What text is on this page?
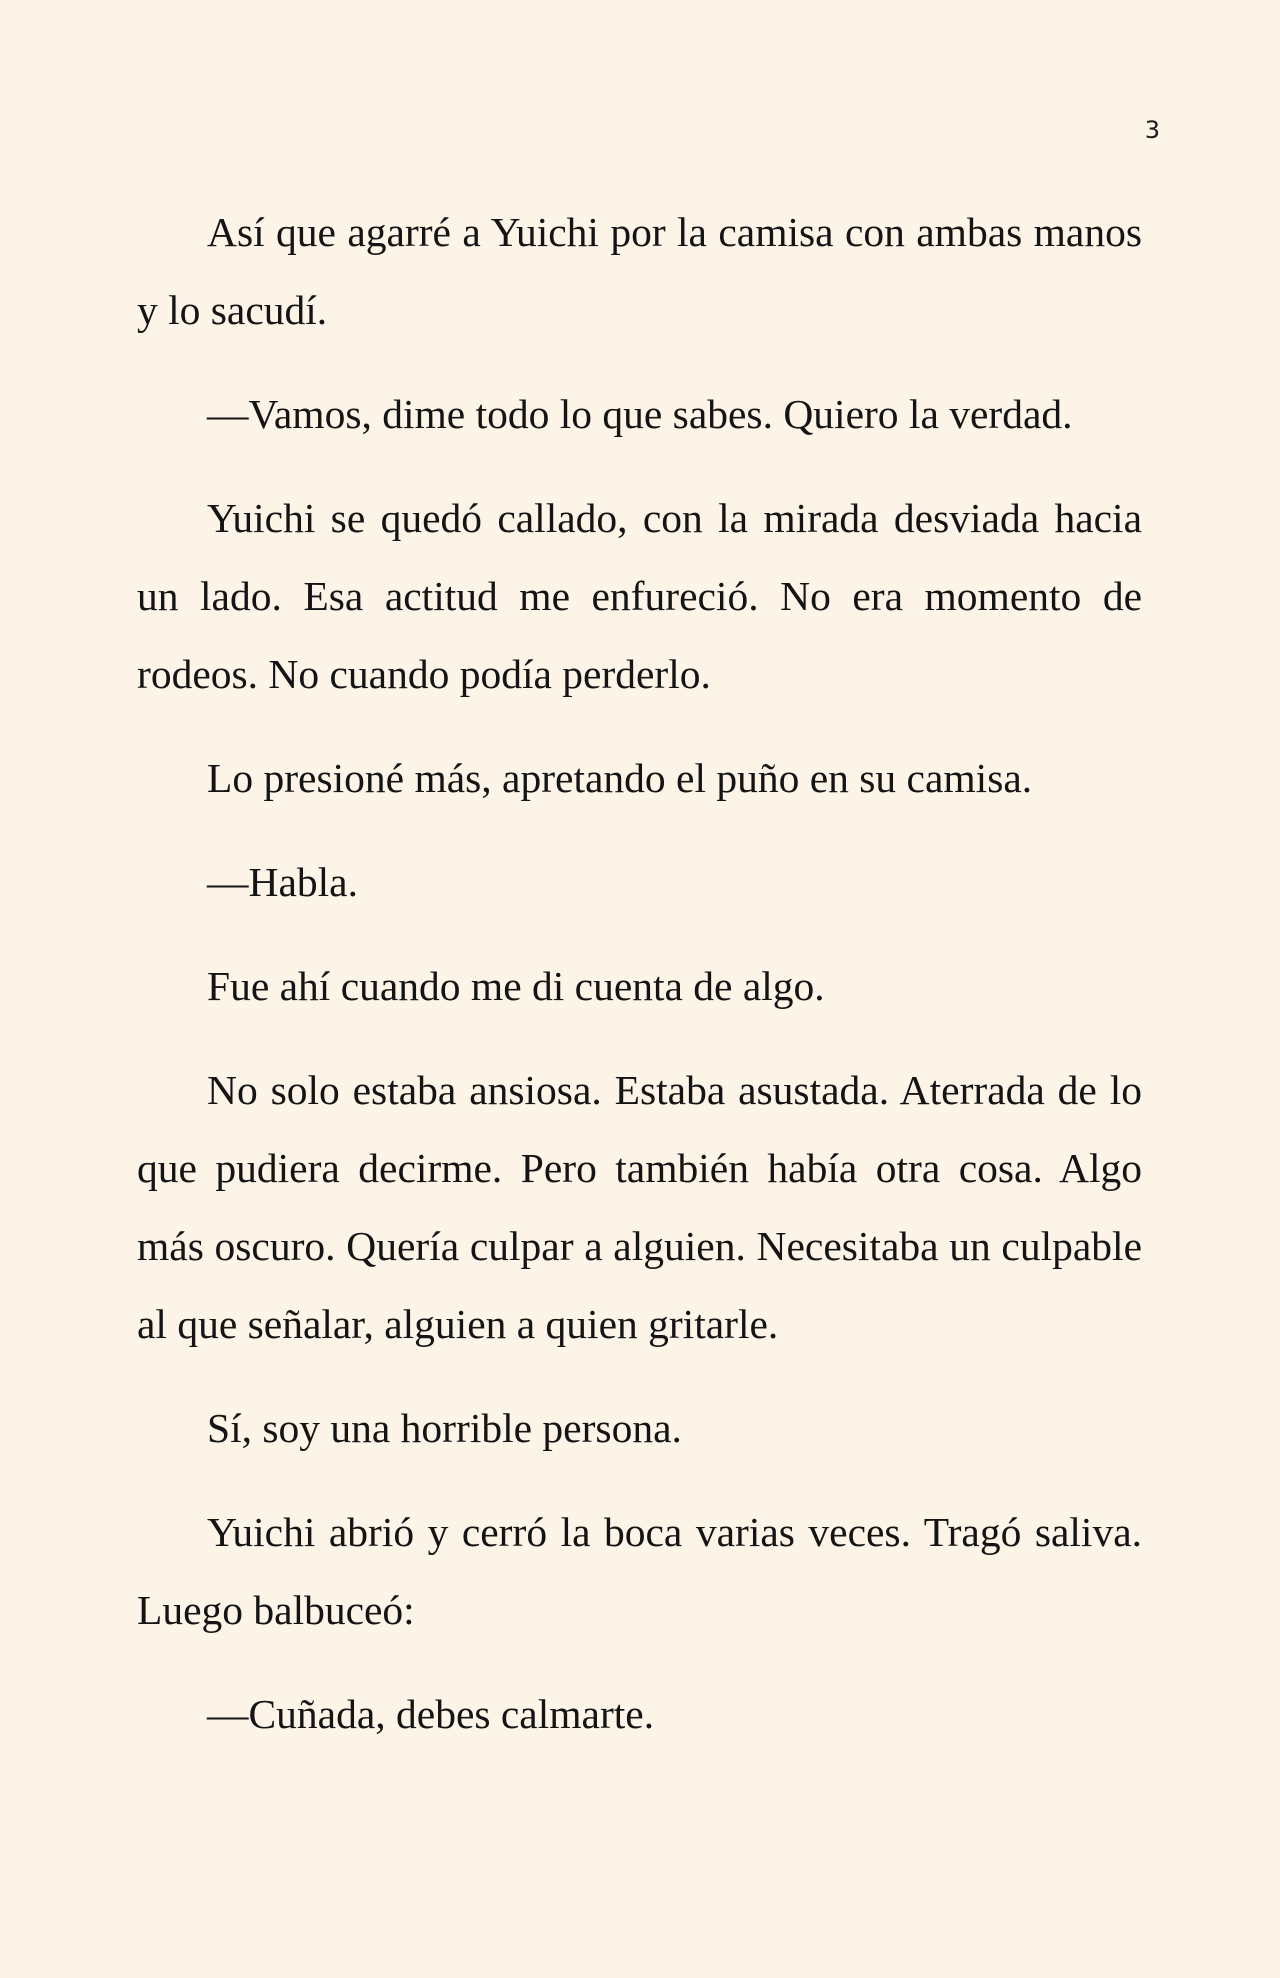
3

Así que agarré a Yuichi por la camisa con ambas manos y lo sacudí.

—Vamos, dime todo lo que sabes. Quiero la verdad.

Yuichi se quedó callado, con la mirada desviada hacia un lado. Esa actitud me enfureció. No era momento de rodeos. No cuando podía perderlo.

Lo presioné más, apretando el puño en su camisa.

—Habla.

Fue ahí cuando me di cuenta de algo.

No solo estaba ansiosa. Estaba asustada. Aterrada de lo que pudiera decirme. Pero también había otra cosa. Algo más oscuro. Quería culpar a alguien. Necesitaba un culpable al que señalar, alguien a quien gritarle.

Sí, soy una horrible persona.

Yuichi abrió y cerró la boca varias veces. Tragó saliva. Luego balbuceó:

—Cuñada, debes calmarte.
